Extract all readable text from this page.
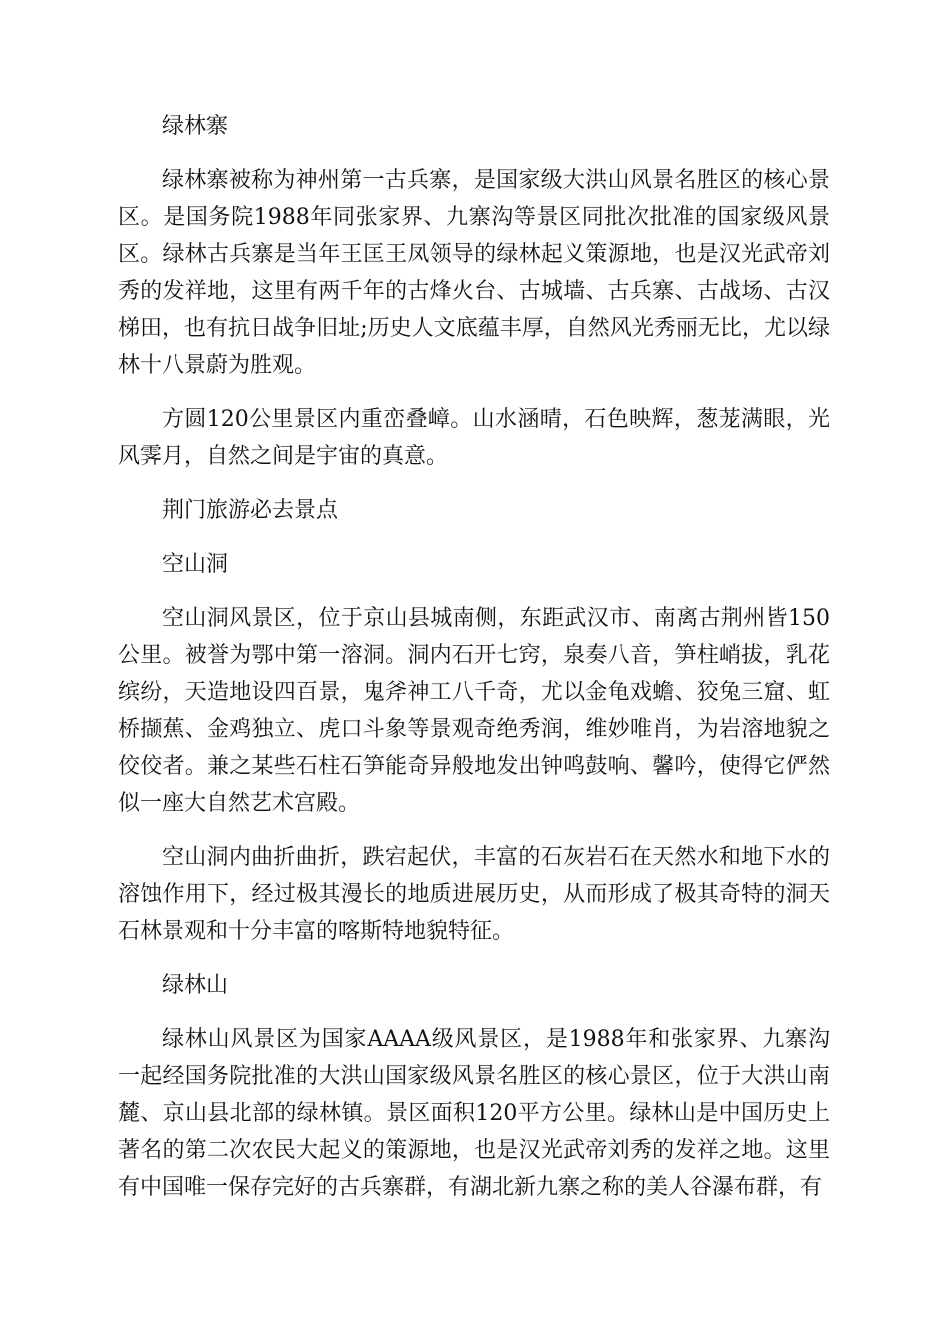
绿林寨

绿林寨被称为神州第一古兵寨，是国家级大洪山风景名胜区的核心景区。是国务院1988年同张家界、九寨沟等景区同批次批准的国家级风景区。绿林古兵寨是当年王匡王凤领导的绿林起义策源地，也是汉光武帝刘秀的发祥地，这里有两千年的古烽火台、古城墙、古兵寨、古战场、古汉梯田，也有抗日战争旧址;历史人文底蕴丰厚，自然风光秀丽无比，尤以绿林十八景蔚为胜观。

方圆120公里景区内重峦叠嶂。山水涵晴，石色映辉，葱茏满眼，光风霁月，自然之间是宇宙的真意。

荆门旅游必去景点

空山洞

空山洞风景区，位于京山县城南侧，东距武汉市、南离古荆州皆150公里。被誉为鄂中第一溶洞。洞内石开七窍，泉奏八音，笋柱峭拔，乳花缤纷，天造地设四百景，鬼斧神工八千奇，尤以金龟戏蟾、狡兔三窟、虹桥撷蕉、金鸡独立、虎口斗象等景观奇绝秀润，维妙唯肖，为岩溶地貌之佼佼者。兼之某些石柱石笋能奇异般地发出钟鸣鼓响、馨吟，使得它俨然似一座大自然艺术宫殿。

空山洞内曲折曲折，跌宕起伏，丰富的石灰岩石在天然水和地下水的溶蚀作用下，经过极其漫长的地质进展历史，从而形成了极其奇特的洞天石林景观和十分丰富的喀斯特地貌特征。

绿林山

绿林山风景区为国家AAAA级风景区，是1988年和张家界、九寨沟一起经国务院批准的大洪山国家级风景名胜区的核心景区，位于大洪山南麓、京山县北部的绿林镇。景区面积120平方公里。绿林山是中国历史上著名的第二次农民大起义的策源地，也是汉光武帝刘秀的发祥之地。这里有中国唯一保存完好的古兵寨群，有湖北新九寨之称的美人谷瀑布群，有
